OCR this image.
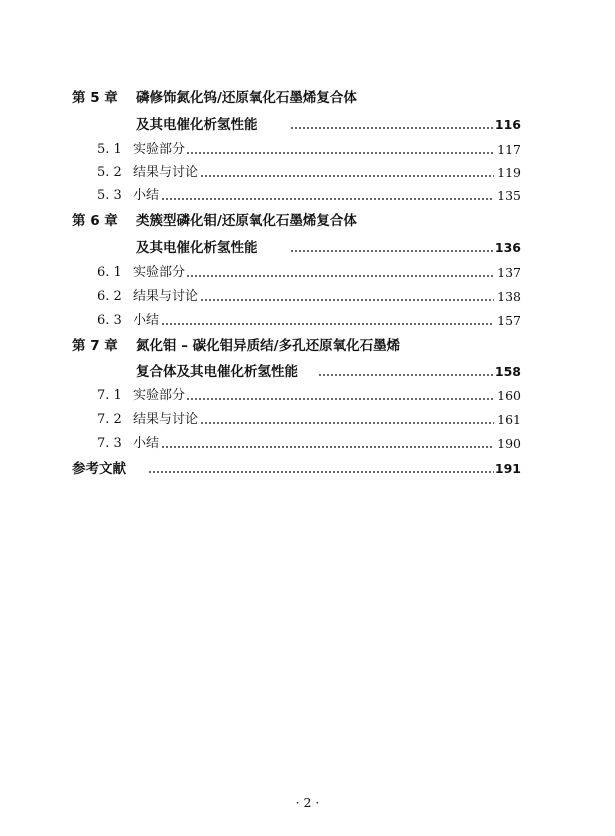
第 5 章 磷修饰氮化钨/还原氧化石墨烯复合体
及其电催化析氢性能	116
5. 1 实验部分	117
5. 2 结果与讨论	119
5. 3 小结	135
第 6 章 类簇型磷化钼/还原氧化石墨烯复合体
及其电催化析氢性能	136
6. 1 实验部分	137
6. 2 结果与讨论	138
6. 3 小结	157
第 7 章 氮化钼 – 碳化钼异质结/多孔还原氧化石墨烯
复合体及其电催化析氢性能	158
7. 1 实验部分	160
7. 2 结果与讨论	161
7. 3 小结	190
参考文献	191
· 2 ·
